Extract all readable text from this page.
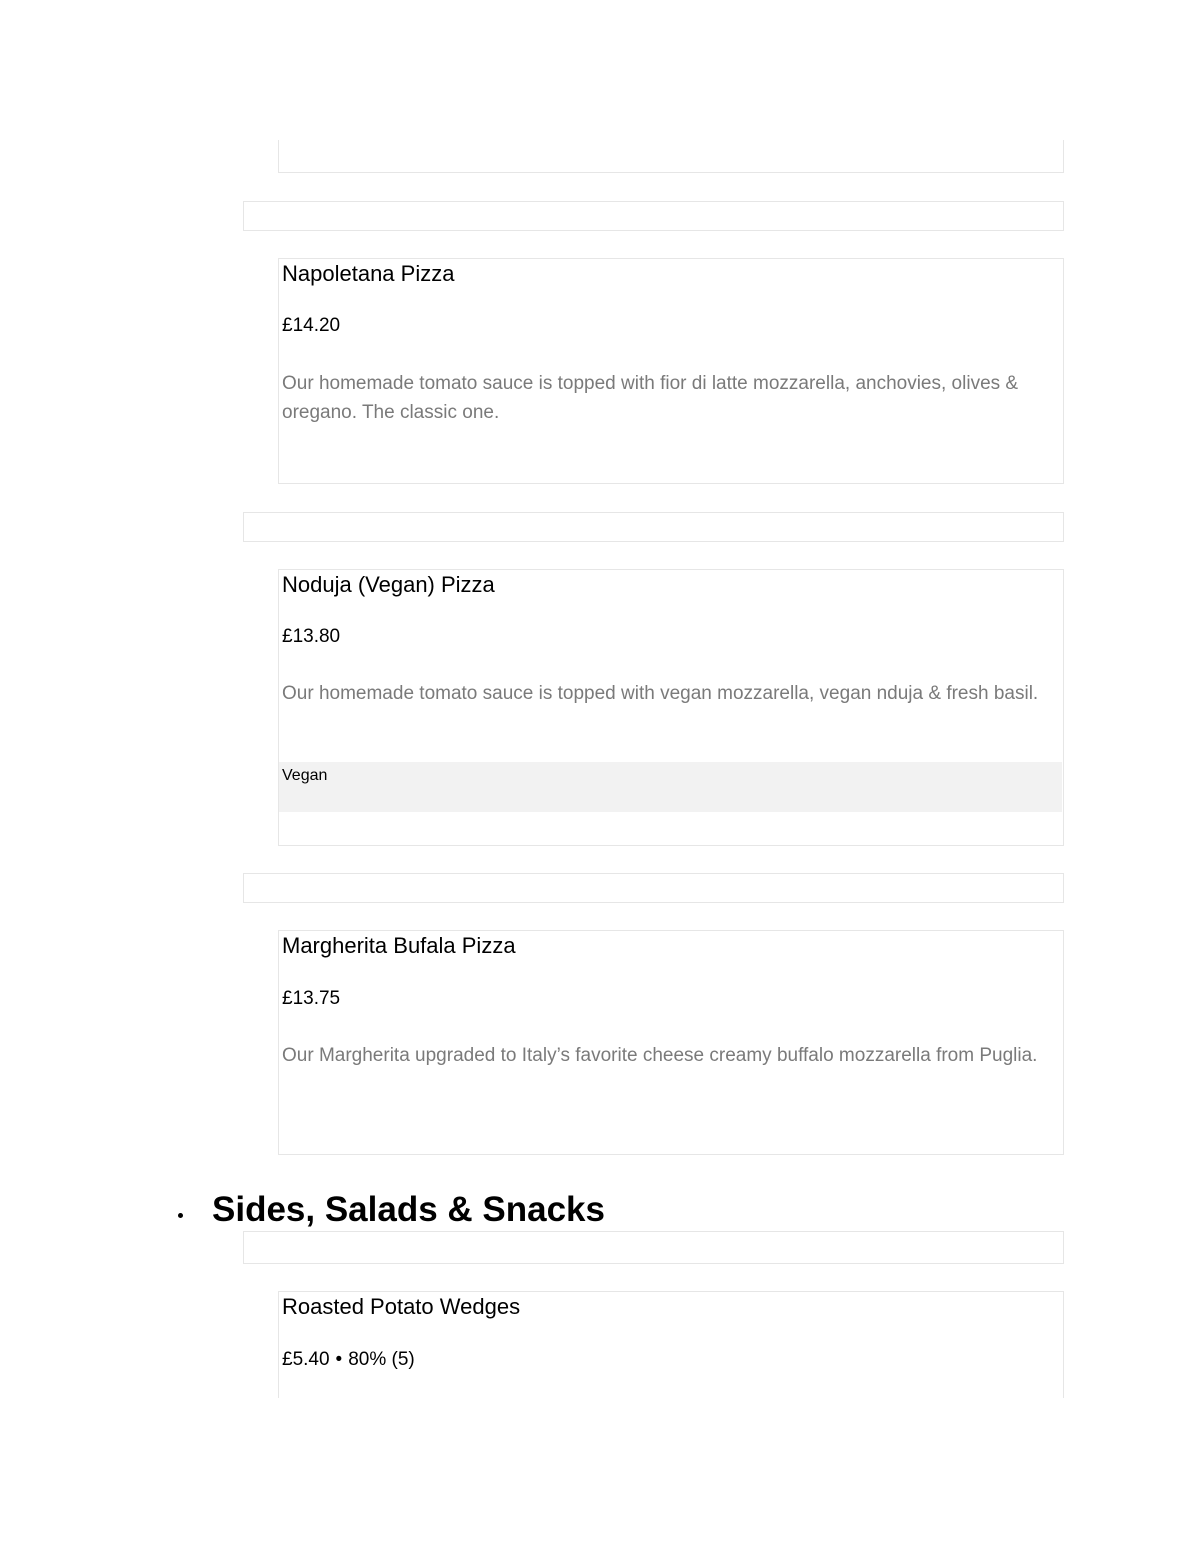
Napoletana Pizza
£14.20
Our homemade tomato sauce is topped with fior di latte mozzarella, anchovies, olives & oregano. The classic one.
Noduja (Vegan) Pizza
£13.80
Our homemade tomato sauce is topped with vegan mozzarella, vegan nduja & fresh basil.
Vegan
Margherita Bufala Pizza
£13.75
Our Margherita upgraded to Italy’s favorite cheese creamy buffalo mozzarella from Puglia.
Sides, Salads & Snacks
Roasted Potato Wedges
£5.40 • 80% (5)
